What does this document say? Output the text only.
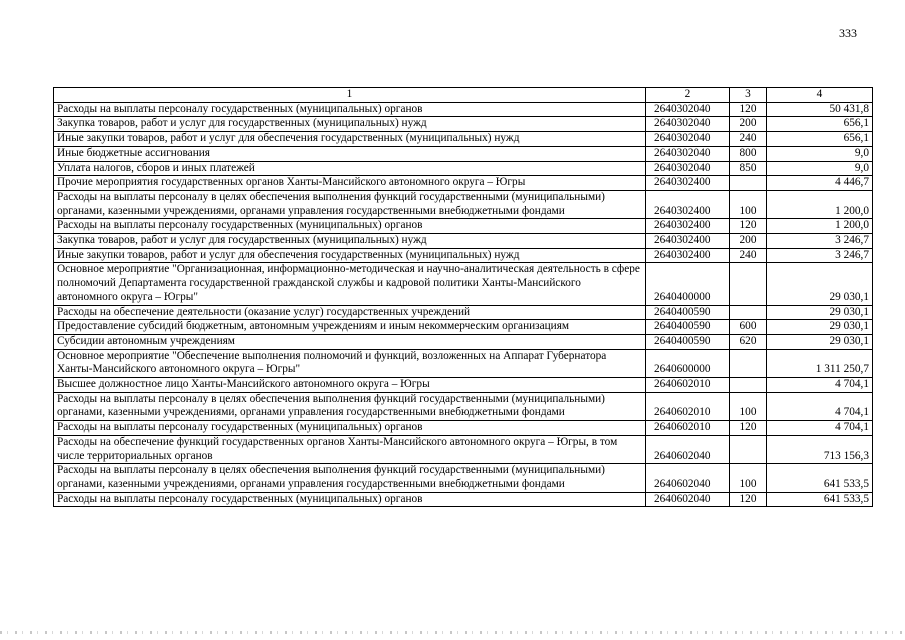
333
1	2	3	4
Расходы на выплаты персоналу государственных (муниципальных) органов	2640302040	120	50 431,8
Закупка товаров, работ и услуг для государственных (муниципальных) нужд	2640302040	200	656,1
Иные закупки товаров, работ и услуг для обеспечения государственных (муниципальных) нужд	2640302040	240	656,1
Иные бюджетные ассигнования	2640302040	800	9,0
Уплата налогов, сборов и иных платежей	2640302040	850	9,0
Прочие мероприятия государственных органов Ханты-Мансийского автономного округа – Югры	2640302400		4 446,7
Расходы на выплаты персоналу в целях обеспечения выполнения функций государственными (муниципальными) органами, казенными учреждениями, органами управления государственными внебюджетными фондами	2640302400	100	1 200,0
Расходы на выплаты персоналу государственных (муниципальных) органов	2640302400	120	1 200,0
Закупка товаров, работ и услуг для государственных (муниципальных) нужд	2640302400	200	3 246,7
Иные закупки товаров, работ и услуг для обеспечения государственных (муниципальных) нужд	2640302400	240	3 246,7
Основное мероприятие "Организационная, информационно-методическая и научно-аналитическая деятельность в сфере полномочий Департамента государственной гражданской службы и кадровой политики Ханты-Мансийского автономного округа – Югры"	2640400000		29 030,1
Расходы на обеспечение деятельности (оказание услуг) государственных учреждений	2640400590		29 030,1
Предоставление субсидий бюджетным, автономным учреждениям и иным некоммерческим организациям	2640400590	600	29 030,1
Субсидии автономным учреждениям	2640400590	620	29 030,1
Основное мероприятие "Обеспечение выполнения полномочий и функций, возложенных на Аппарат Губернатора Ханты-Мансийского автономного округа – Югры"	2640600000		1 311 250,7
Высшее должностное лицо Ханты-Мансийского автономного округа – Югры	2640602010		4 704,1
Расходы на выплаты персоналу в целях обеспечения выполнения функций государственными (муниципальными) органами, казенными учреждениями, органами управления государственными внебюджетными фондами	2640602010	100	4 704,1
Расходы на выплаты персоналу государственных (муниципальных) органов	2640602010	120	4 704,1
Расходы на обеспечение функций государственных органов Ханты-Мансийского автономного округа – Югры, в том числе территориальных органов	2640602040		713 156,3
Расходы на выплаты персоналу в целях обеспечения выполнения функций государственными (муниципальными) органами, казенными учреждениями, органами управления государственными внебюджетными фондами	2640602040	100	641 533,5
Расходы на выплаты персоналу государственных (муниципальных) органов	2640602040	120	641 533,5
